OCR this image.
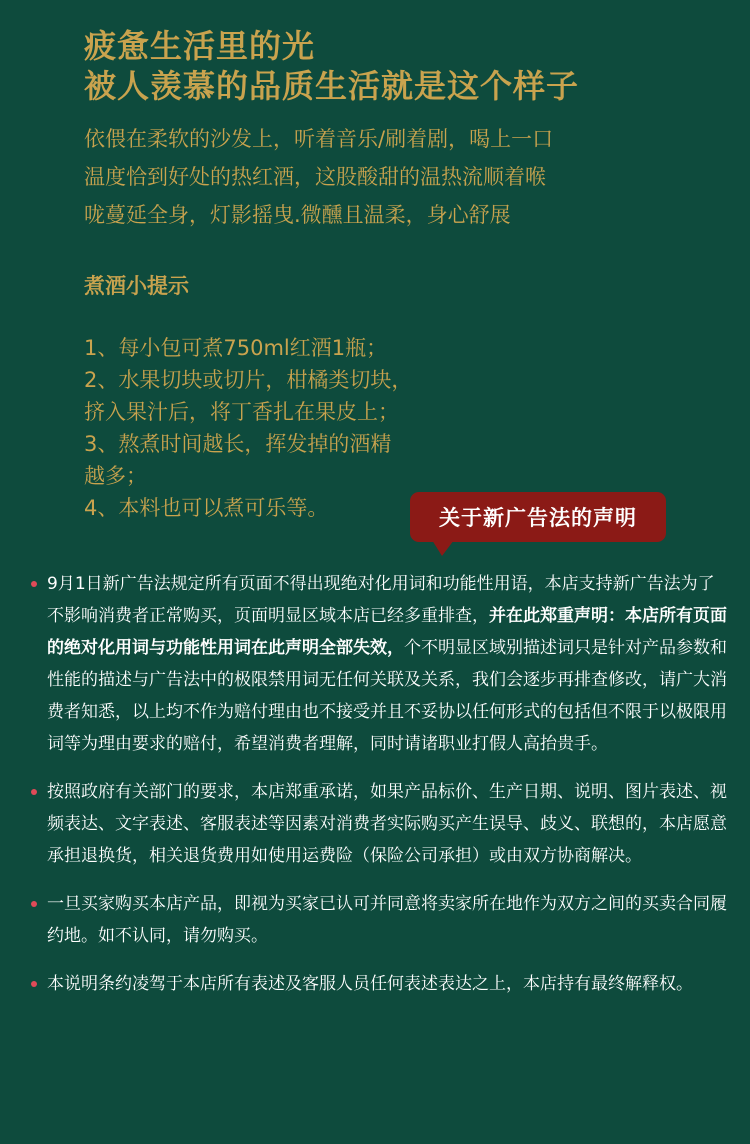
疲惫生活里的光
被人羡慕的品质生活就是这个样子

依偎在柔软的沙发上，听着音乐/刷着剧，喝上一口
温度恰到好处的热红酒，这股酸甜的温热流顺着喉
咙蔓延全身，灯影摇曳.微醺且温柔，身心舒展

煮酒小提示
1、每小包可煮750ml红酒1瓶；
2、水果切块或切片，柑橘类切块，
挤入果汁后，将丁香扎在果皮上；
3、熬煮时间越长，挥发掉的酒精
越多；
4、本料也可以煮可乐等。	关于新广告法的声明

9月1日新广告法规定所有页面不得出现绝对化用词和功能性用语，本店支持新广告法为了不影响消费者正常购买，页面明显区域本店已经多重排查，并在此郑重声明：本店所有页面的绝对化用词与功能性用词在此声明全部失效，个不明显区域别描述词只是针对产品参数和性能的描述与广告法中的极限禁用词无任何关联及关系，我们会逐步再排查修改，请广大消费者知悉，以上均不作为赔付理由也不接受并且不妥协以任何形式的包括但不限于以极限用词等为理由要求的赔付，希望消费者理解，同时请诸职业打假人高抬贵手。

按照政府有关部门的要求，本店郑重承诺，如果产品标价、生产日期、说明、图片表述、视频表达、文字表述、客服表述等因素对消费者实际购买产生误导、歧义、联想的，本店愿意承担退换货，相关退货费用如使用运费险（保险公司承担）或由双方协商解决。

一旦买家购买本店产品，即视为买家已认可并同意将卖家所在地作为双方之间的买卖合同履约地。如不认同，请勿购买。

本说明条约凌驾于本店所有表述及客服人员任何表述表达之上，本店持有最终解释权。
